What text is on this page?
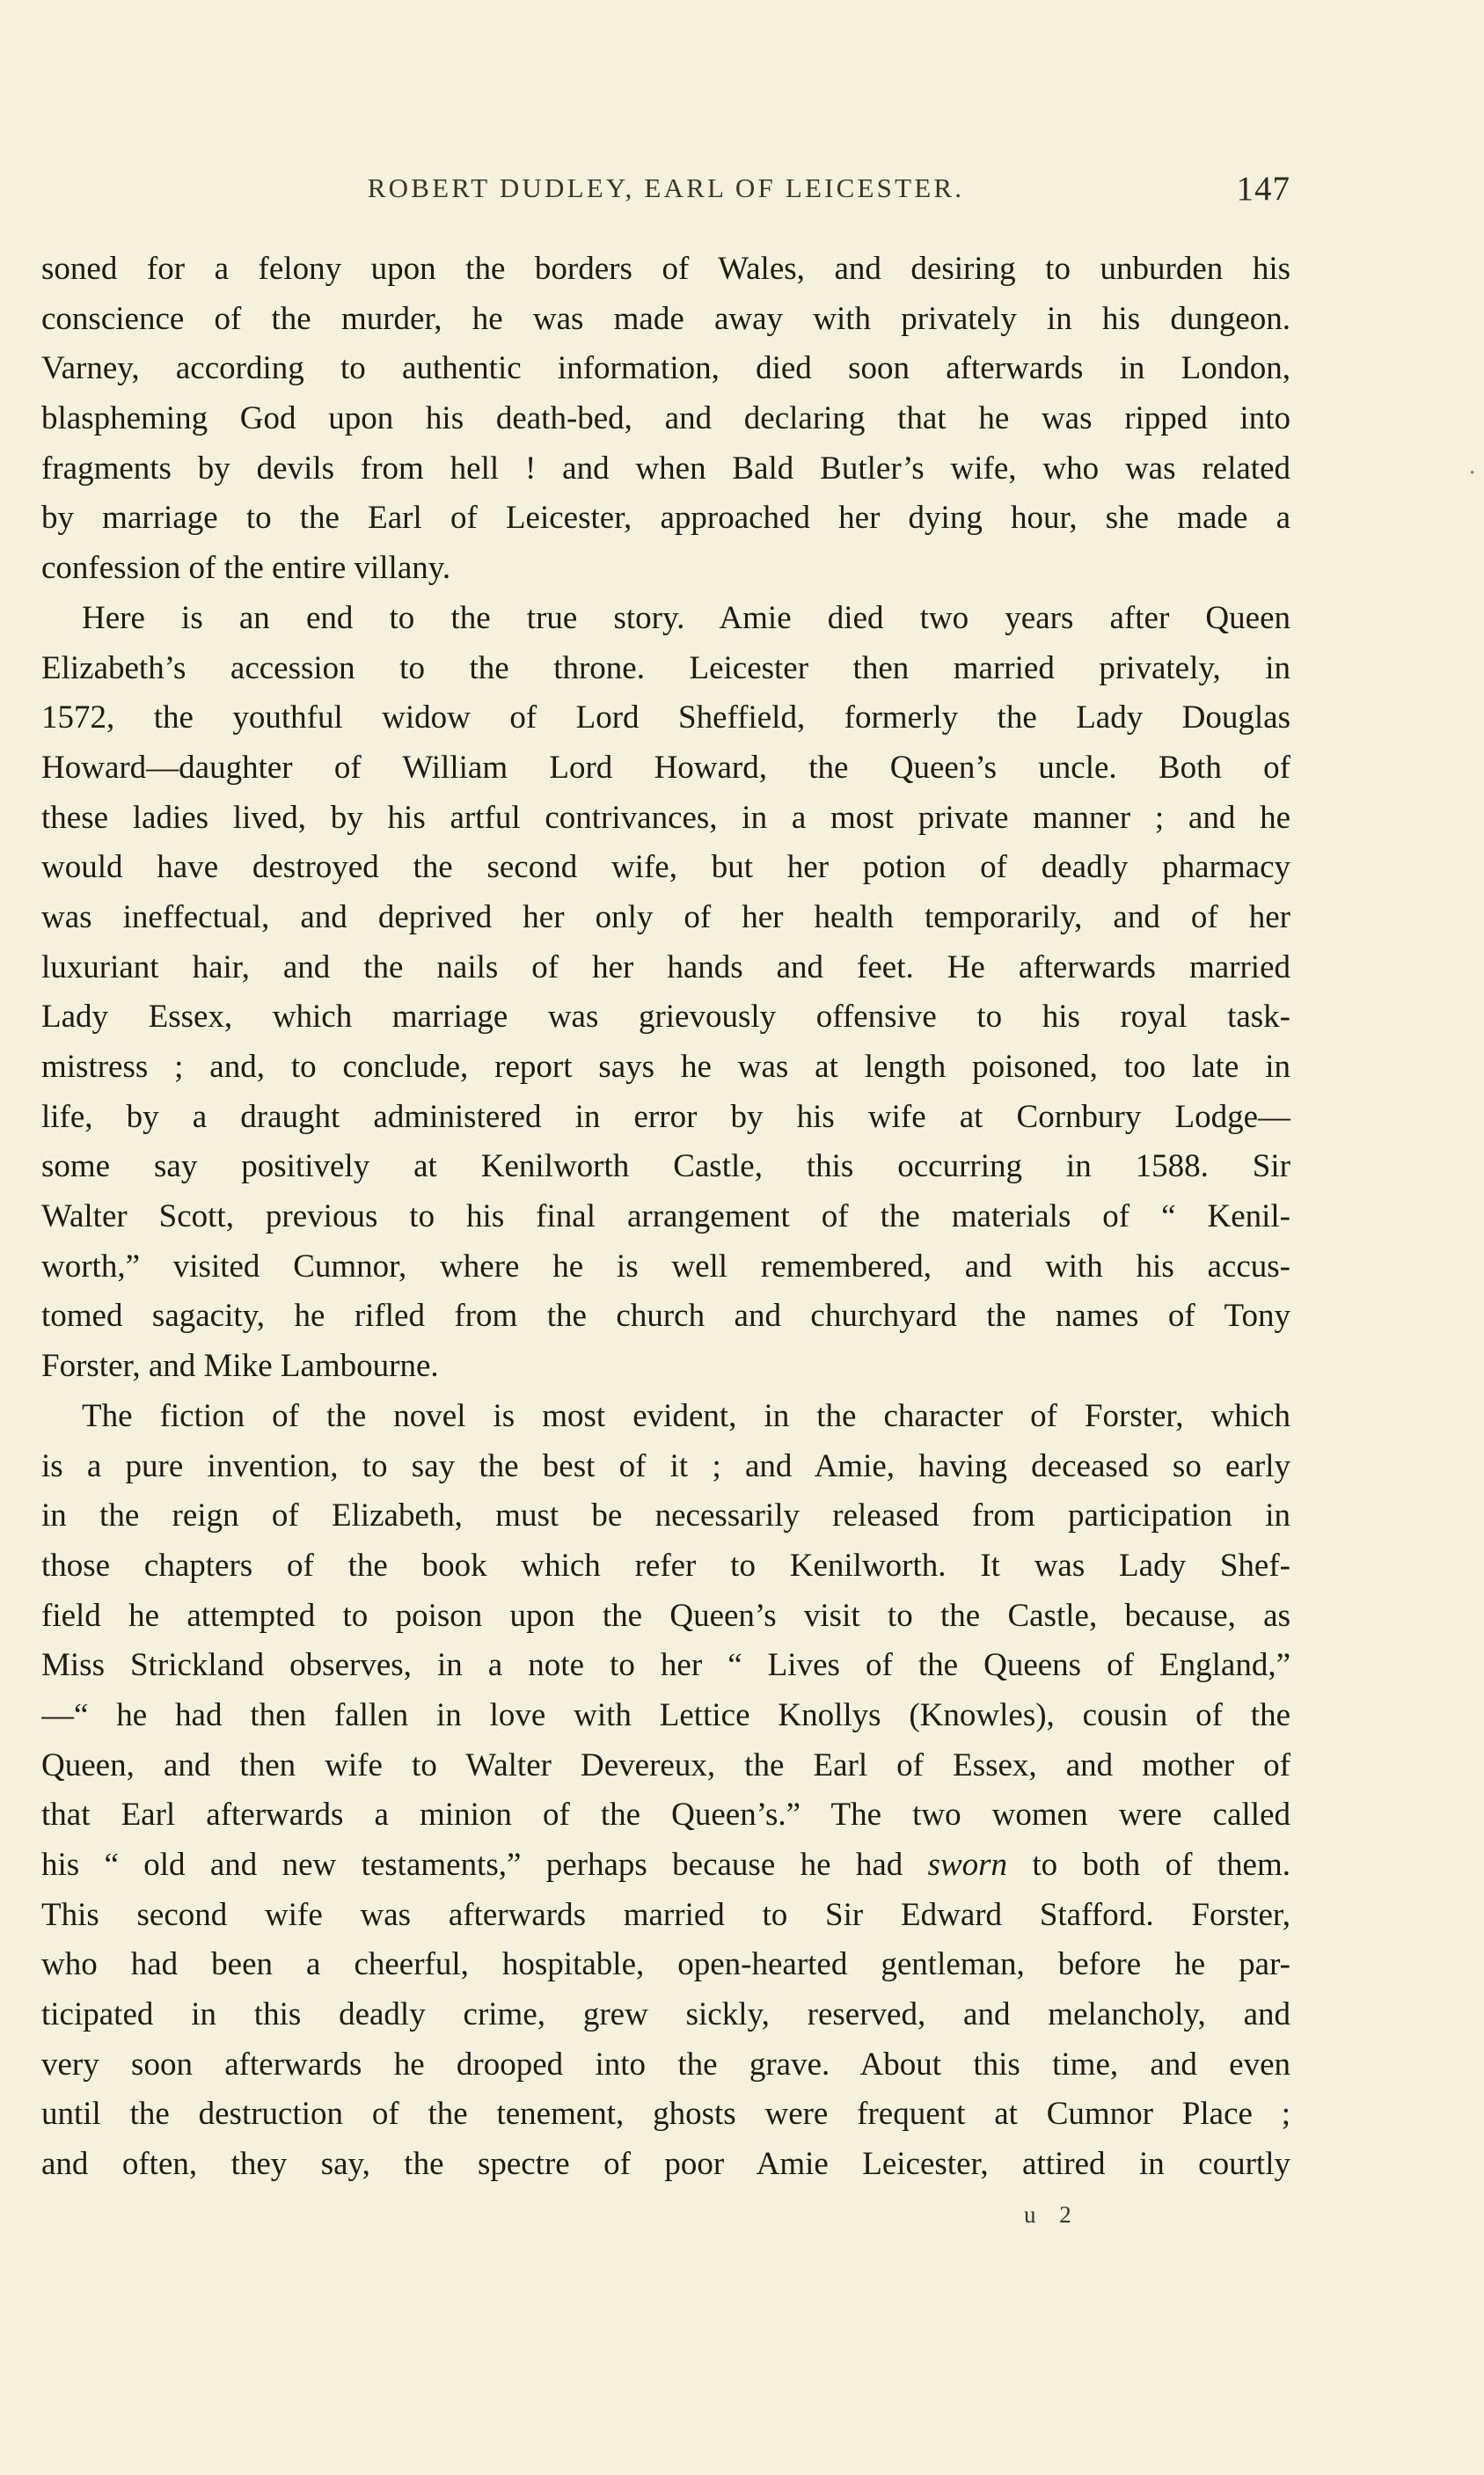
ROBERT DUDLEY, EARL OF LEICESTER.	147
soned for a felony upon the borders of Wales, and desiring to unburden his
conscience of the murder, he was made away with privately in his dungeon.
Varney, according to authentic information, died soon afterwards in London,
blaspheming God upon his death-bed, and declaring that he was ripped into
fragments by devils from hell ! and when Bald Butler’s wife, who was related
by marriage to the Earl of Leicester, approached her dying hour, she made a
confession of the entire villany.
Here is an end to the true story. Amie died two years after Queen
Elizabeth’s accession to the throne. Leicester then married privately, in
1572, the youthful widow of Lord Sheffield, formerly the Lady Douglas
Howard—daughter of William Lord Howard, the Queen’s uncle. Both of
these ladies lived, by his artful contrivances, in a most private manner ; and he
would have destroyed the second wife, but her potion of deadly pharmacy
was ineffectual, and deprived her only of her health temporarily, and of her
luxuriant hair, and the nails of her hands and feet. He afterwards married
Lady Essex, which marriage was grievously offensive to his royal task-
mistress ; and, to conclude, report says he was at length poisoned, too late in
life, by a draught administered in error by his wife at Cornbury Lodge—
some say positively at Kenilworth Castle, this occurring in 1588. Sir
Walter Scott, previous to his final arrangement of the materials of “ Kenil-
worth,” visited Cumnor, where he is well remembered, and with his accus-
tomed sagacity, he rifled from the church and churchyard the names of Tony
Forster, and Mike Lambourne.
The fiction of the novel is most evident, in the character of Forster, which
is a pure invention, to say the best of it ; and Amie, having deceased so early
in the reign of Elizabeth, must be necessarily released from participation in
those chapters of the book which refer to Kenilworth. It was Lady Shef-
field he attempted to poison upon the Queen’s visit to the Castle, because, as
Miss Strickland observes, in a note to her “ Lives of the Queens of England,”
—“ he had then fallen in love with Lettice Knollys (Knowles), cousin of the
Queen, and then wife to Walter Devereux, the Earl of Essex, and mother of
that Earl afterwards a minion of the Queen’s.” The two women were called
his “ old and new testaments,” perhaps because he had sworn to both of them.
This second wife was afterwards married to Sir Edward Stafford. Forster,
who had been a cheerful, hospitable, open-hearted gentleman, before he par-
ticipated in this deadly crime, grew sickly, reserved, and melancholy, and
very soon afterwards he drooped into the grave. About this time, and even
until the destruction of the tenement, ghosts were frequent at Cumnor Place ;
and often, they say, the spectre of poor Amie Leicester, attired in courtly
u 2
•
